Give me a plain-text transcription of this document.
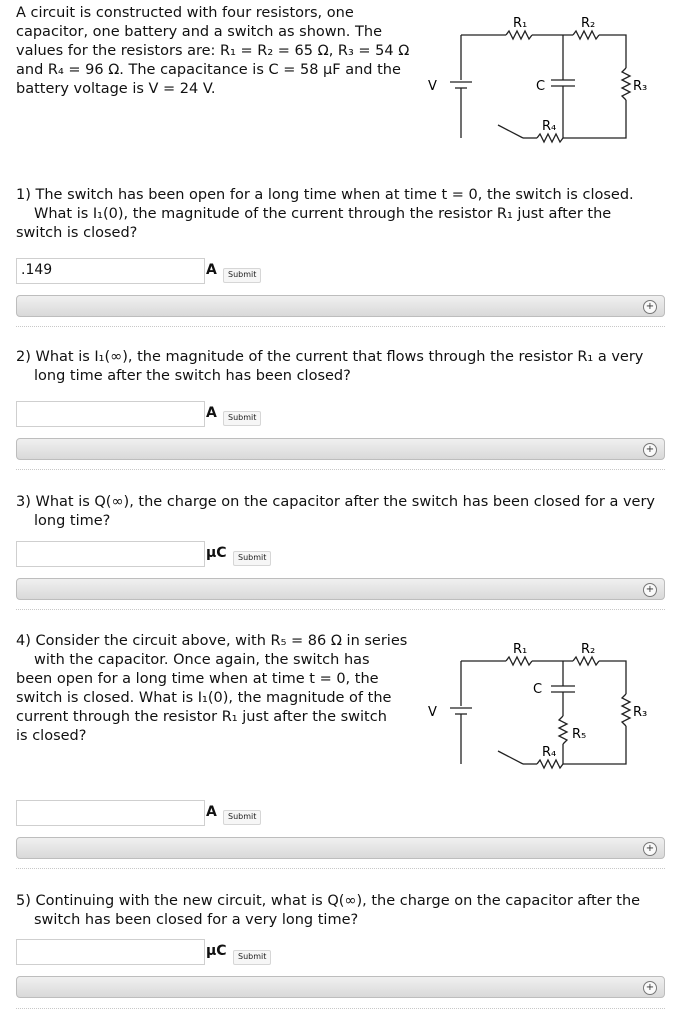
A circuit is constructed with four resistors, one
capacitor, one battery and a switch as shown. The
values for the resistors are: R₁ = R₂ = 65 Ω, R₃ = 54 Ω
and R₄ = 96 Ω. The capacitance is C = 58 μF and the
battery voltage is V = 24 V.
R₁	R₂
R₃
R₄
C
V
1) The switch has been open for a long time when at time t = 0, the switch is closed.
What is I₁(0), the magnitude of the current through the resistor R₁ just after the
switch is closed?
.149	A	Submit
+
2) What is I₁(∞), the magnitude of the current that flows through the resistor R₁ a very
long time after the switch has been closed?
A	Submit
+
3) What is Q(∞), the charge on the capacitor after the switch has been closed for a very
long time?
μC	Submit
+
4) Consider the circuit above, with R₅ = 86 Ω in series
with the capacitor. Once again, the switch has
been open for a long time when at time t = 0, the
switch is closed. What is I₁(0), the magnitude of the
current through the resistor R₁ just after the switch
is closed?
R₁	R₂
R₃
R₄
R₅
C
V
A	Submit
+
5) Continuing with the new circuit, what is Q(∞), the charge on the capacitor after the
switch has been closed for a very long time?
μC	Submit
+
